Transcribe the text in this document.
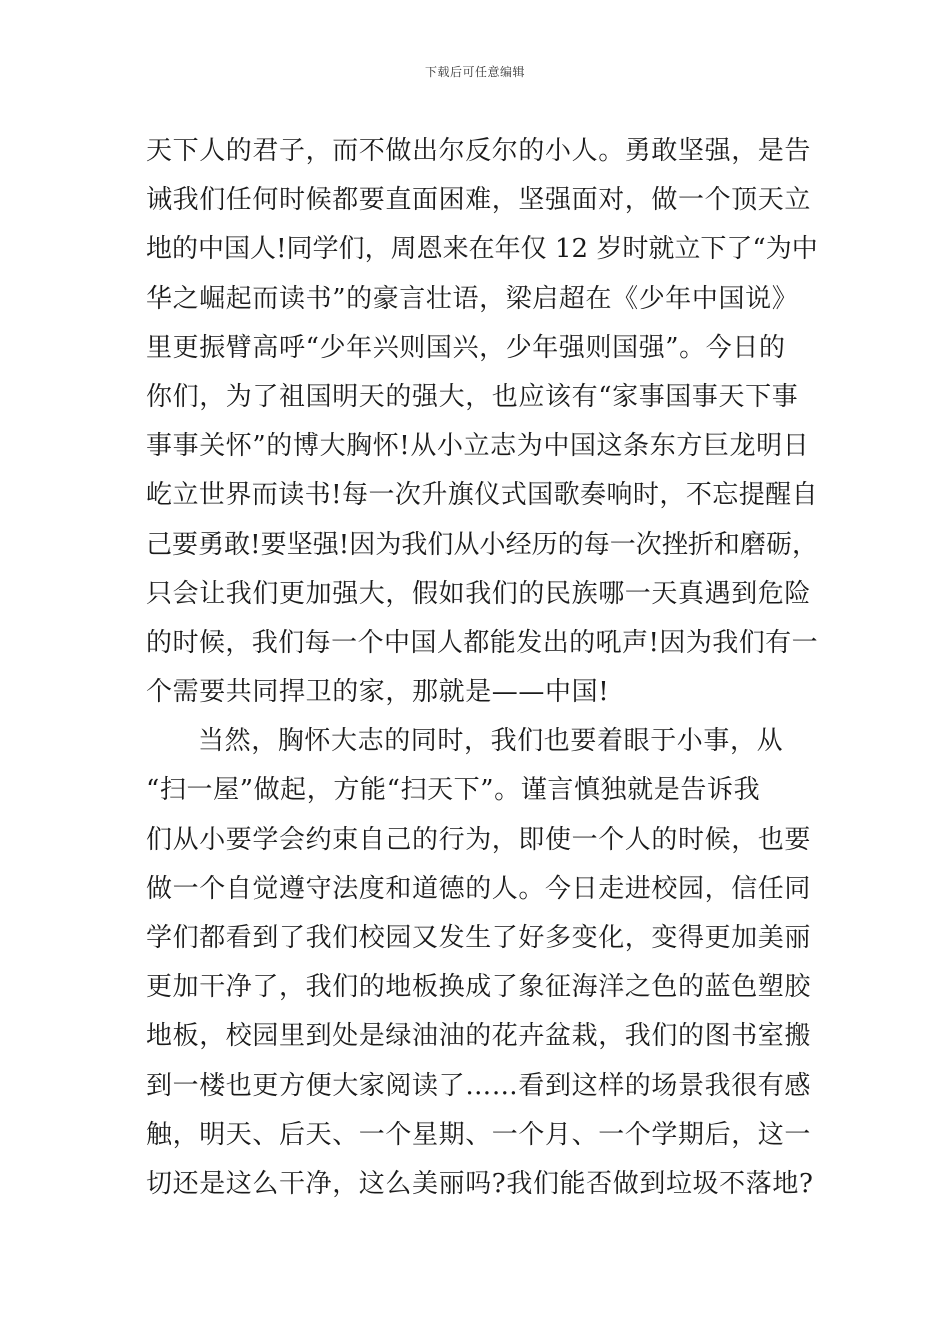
下载后可任意编辑
天下人的君子，而不做出尔反尔的小人。勇敢坚强，是告
诫我们任何时候都要直面困难，坚强面对，做一个顶天立
地的中国人!同学们，周恩来在年仅 12 岁时就立下了“为中
华之崛起而读书”的豪言壮语，梁启超在《少年中国说》
里更振臂高呼“少年兴则国兴，少年强则国强”。今日的
你们，为了祖国明天的强大，也应该有“家事国事天下事
事事关怀”的博大胸怀!从小立志为中国这条东方巨龙明日
屹立世界而读书!每一次升旗仪式国歌奏响时，不忘提醒自
己要勇敢!要坚强!因为我们从小经历的每一次挫折和磨砺，
只会让我们更加强大，假如我们的民族哪一天真遇到危险
的时候，我们每一个中国人都能发出的吼声!因为我们有一
个需要共同捍卫的家，那就是——中国!
当然，胸怀大志的同时，我们也要着眼于小事，从
“扫一屋”做起，方能“扫天下”。谨言慎独就是告诉我
们从小要学会约束自己的行为，即使一个人的时候，也要
做一个自觉遵守法度和道德的人。今日走进校园，信任同
学们都看到了我们校园又发生了好多变化，变得更加美丽
更加干净了，我们的地板换成了象征海洋之色的蓝色塑胶
地板，校园里到处是绿油油的花卉盆栽，我们的图书室搬
到一楼也更方便大家阅读了……看到这样的场景我很有感
触，明天、后天、一个星期、一个月、一个学期后，这一
切还是这么干净，这么美丽吗?我们能否做到垃圾不落地?
